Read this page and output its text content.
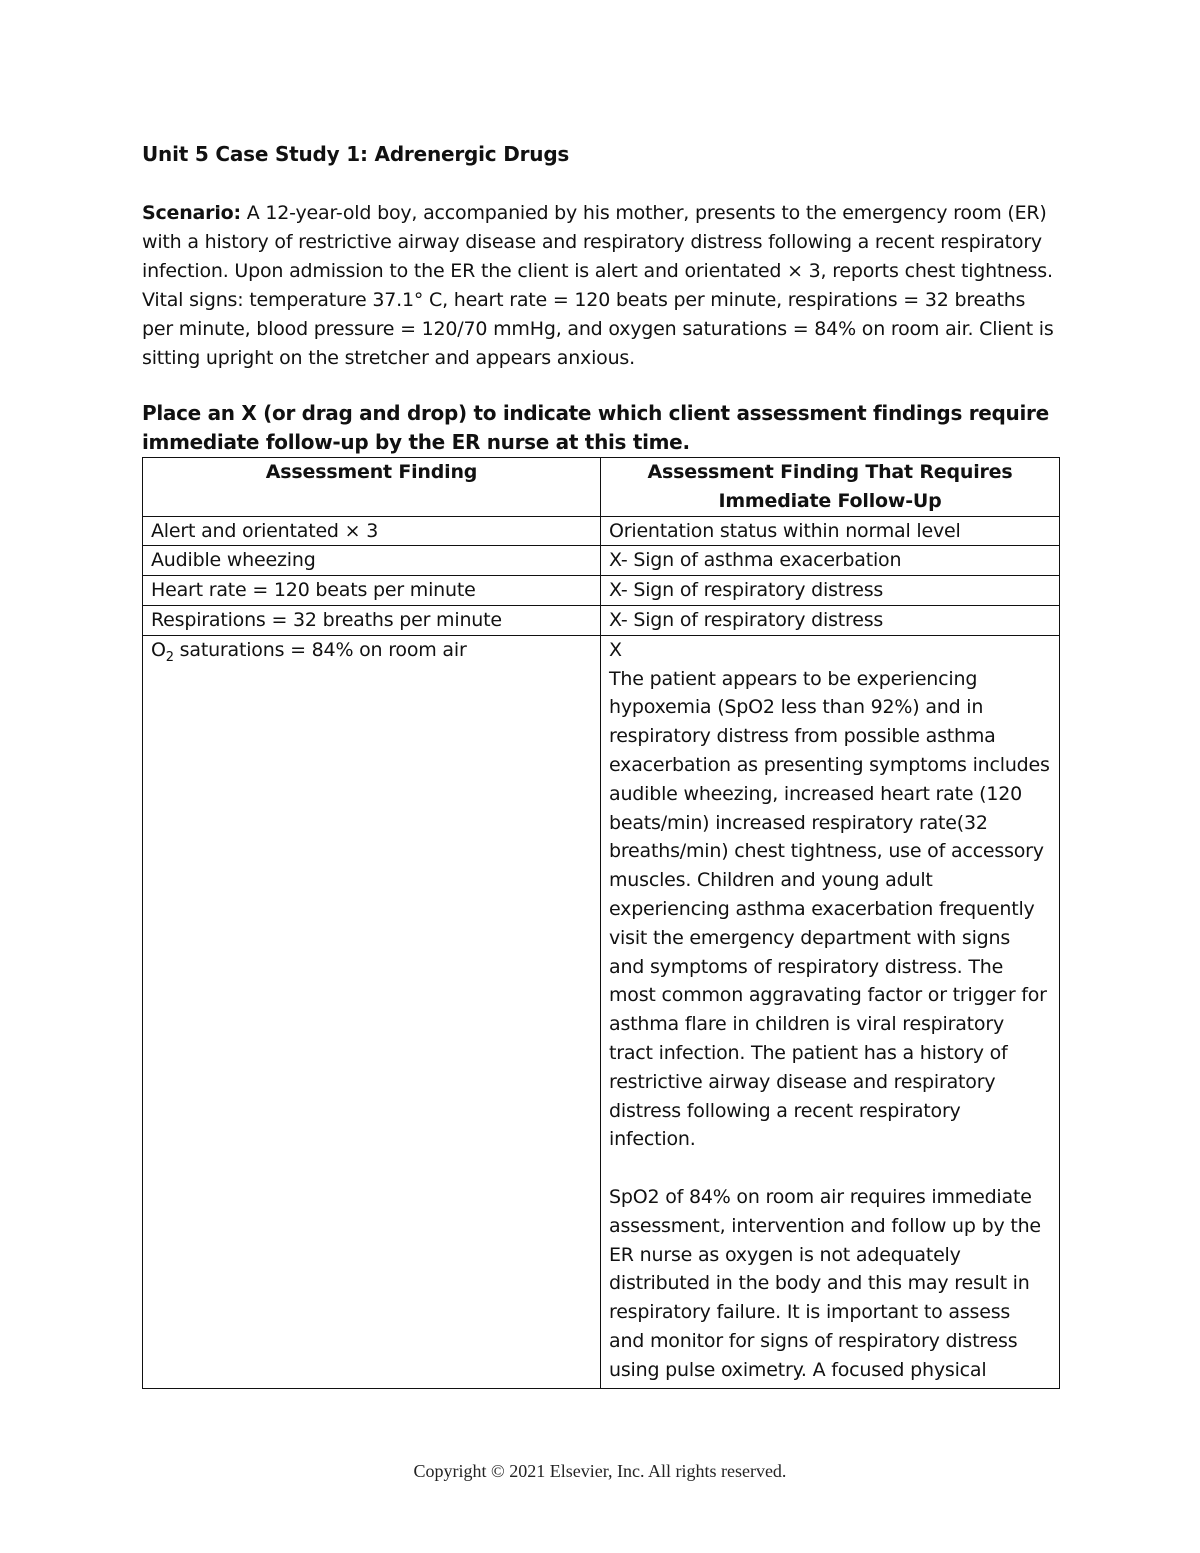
Unit 5 Case Study 1: Adrenergic Drugs
Scenario: A 12-year-old boy, accompanied by his mother, presents to the emergency room (ER) with a history of restrictive airway disease and respiratory distress following a recent respiratory infection. Upon admission to the ER the client is alert and orientated × 3, reports chest tightness. Vital signs: temperature 37.1° C, heart rate = 120 beats per minute, respirations = 32 breaths per minute, blood pressure = 120/70 mmHg, and oxygen saturations = 84% on room air. Client is sitting upright on the stretcher and appears anxious.
Place an X (or drag and drop) to indicate which client assessment findings require immediate follow-up by the ER nurse at this time.
Assessment Finding	Assessment Finding That Requires Immediate Follow-Up
Alert and orientated × 3	Orientation status within normal level
Audible wheezing	X- Sign of asthma exacerbation
Heart rate = 120 beats per minute	X- Sign of respiratory distress
Respirations = 32 breaths per minute	X- Sign of respiratory distress
$O_2$ saturations = 84% on room air	X
The patient appears to be experiencing hypoxemia (SpO2 less than 92%) and in respiratory distress from possible asthma exacerbation as presenting symptoms includes audible wheezing, increased heart rate (120 beats/min) increased respiratory rate(32 breaths/min) chest tightness, use of accessory muscles. Children and young adult experiencing asthma exacerbation frequently visit the emergency department with signs and symptoms of respiratory distress. The most common aggravating factor or trigger for asthma flare in children is viral respiratory tract infection. The patient has a history of restrictive airway disease and respiratory distress following a recent respiratory infection.
SpO2 of 84% on room air requires immediate assessment, intervention and follow up by the ER nurse as oxygen is not adequately distributed in the body and this may result in respiratory failure. It is important to assess and monitor for signs of respiratory distress using pulse oximetry. A focused physical
Copyright © 2021 Elsevier, Inc. All rights reserved.
